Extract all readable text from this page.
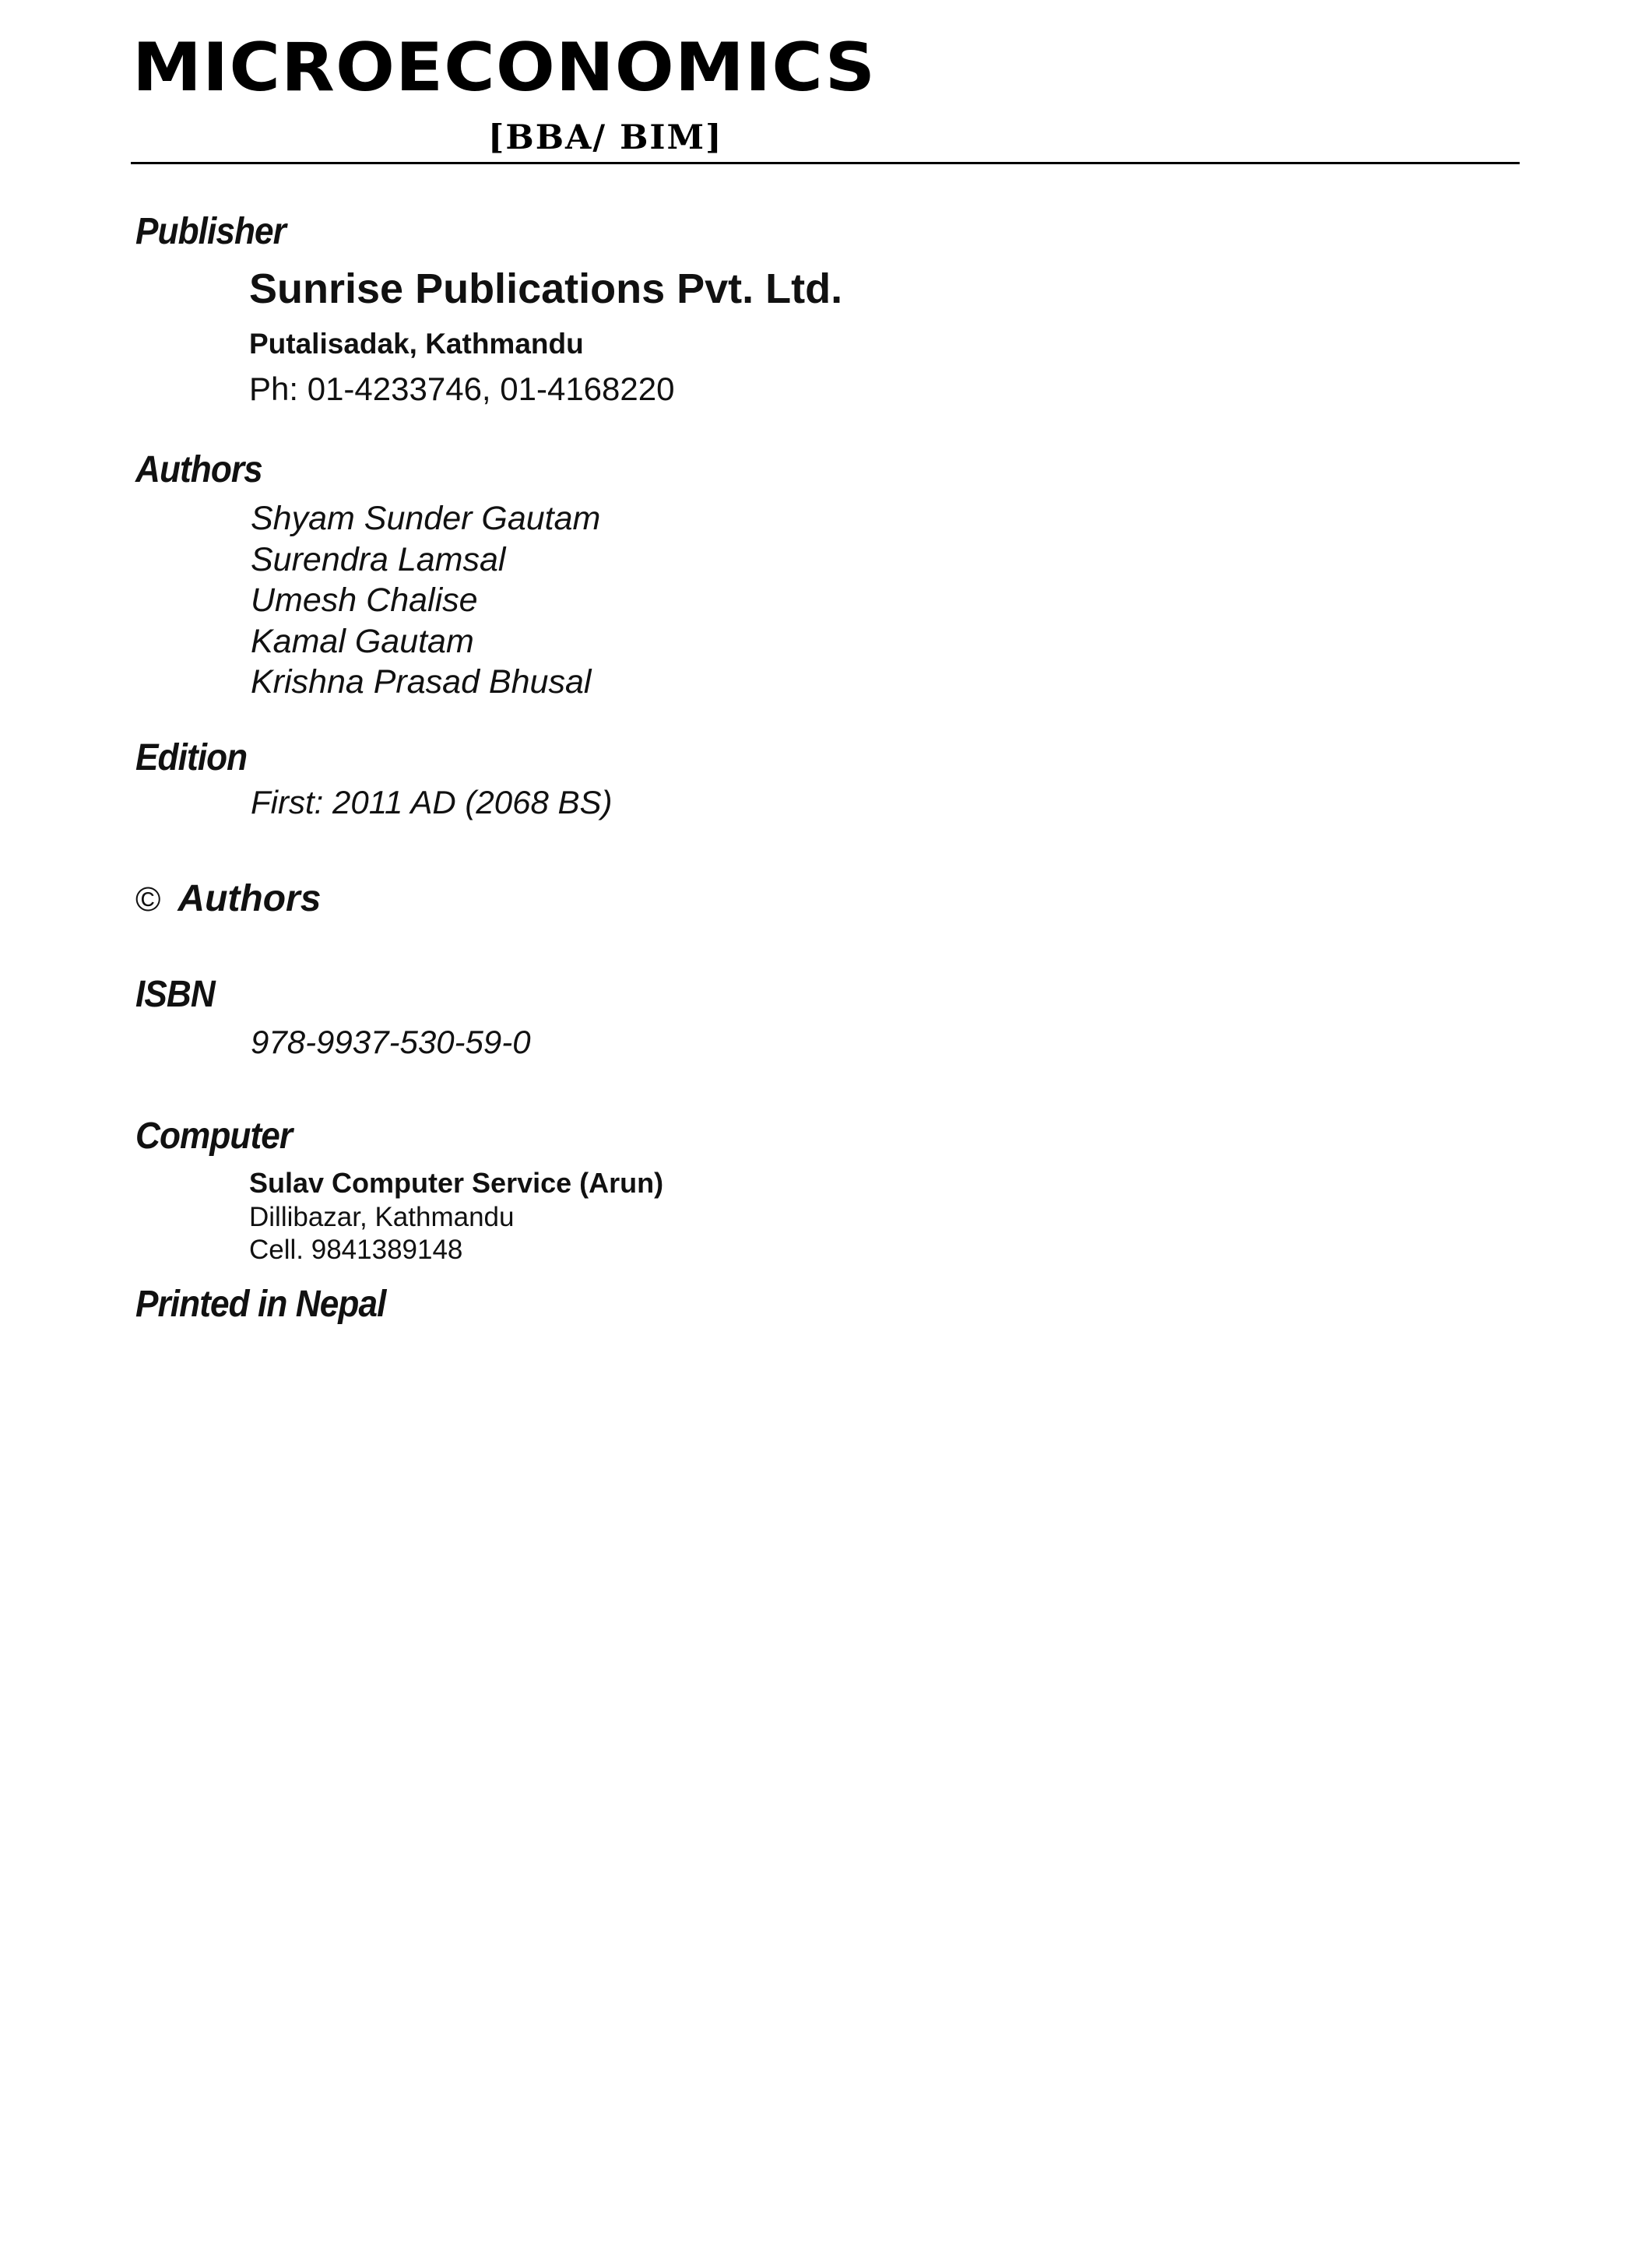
MICROECONOMICS
[BBA/ BIM]
Publisher
Sunrise Publications Pvt. Ltd.
Putalisadak, Kathmandu
Ph: 01-4233746, 01-4168220
Authors
Shyam Sunder Gautam
Surendra Lamsal
Umesh Chalise
Kamal Gautam
Krishna Prasad Bhusal
Edition
First: 2011 AD (2068 BS)
© Authors
ISBN
978-9937-530-59-0
Computer
Sulav Computer Service (Arun)
Dillibazar, Kathmandu
Cell. 9841389148
Printed in Nepal
